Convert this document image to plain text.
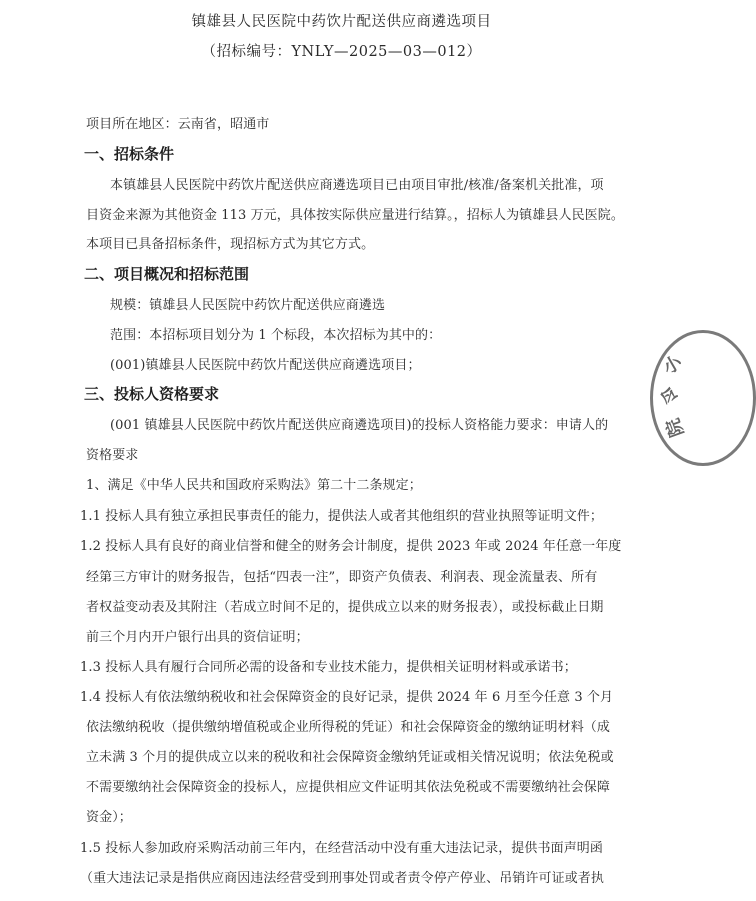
镇雄县人民医院中药饮片配送供应商遴选项目
（招标编号：YNLY—2025—03—012）
项目所在地区：云南省，昭通市
一、招标条件
本镇雄县人民医院中药饮片配送供应商遴选项目已由项目审批/核准/备案机关批准，项
目资金来源为其他资金 113 万元，具体按实际供应量进行结算。，招标人为镇雄县人民医院。
本项目已具备招标条件，现招标方式为其它方式。
二、项目概况和招标范围
规模：镇雄县人民医院中药饮片配送供应商遴选
范围：本招标项目划分为 1 个标段，本次招标为其中的：
(001)镇雄县人民医院中药饮片配送供应商遴选项目；
三、投标人资格要求
(001 镇雄县人民医院中药饮片配送供应商遴选项目)的投标人资格能力要求：申请人的
资格要求
1、满足《中华人民共和国政府采购法》第二十二条规定；
1.1 投标人具有独立承担民事责任的能力，提供法人或者其他组织的营业执照等证明文件；
1.2 投标人具有良好的商业信誉和健全的财务会计制度，提供 2023 年或 2024 年任意一年度
经第三方审计的财务报告，包括“四表一注”，即资产负债表、利润表、现金流量表、所有
者权益变动表及其附注（若成立时间不足的，提供成立以来的财务报表），或投标截止日期
前三个月内开户银行出具的资信证明；
1.3 投标人具有履行合同所必需的设备和专业技术能力，提供相关证明材料或承诺书；
1.4 投标人有依法缴纳税收和社会保障资金的良好记录，提供 2024 年 6 月至今任意 3 个月
依法缴纳税收（提供缴纳增值税或企业所得税的凭证）和社会保障资金的缴纳证明材料（成
立未满 3 个月的提供成立以来的税收和社会保障资金缴纳凭证或相关情况说明；依法免税或
不需要缴纳社会保障资金的投标人，应提供相应文件证明其依法免税或不需要缴纳社会保障
资金）；
1.5 投标人参加政府采购活动前三年内，在经营活动中没有重大违法记录，提供书面声明函
（重大违法记录是指供应商因违法经营受到刑事处罚或者责令停产停业、吊销许可证或者执
小
令
院
